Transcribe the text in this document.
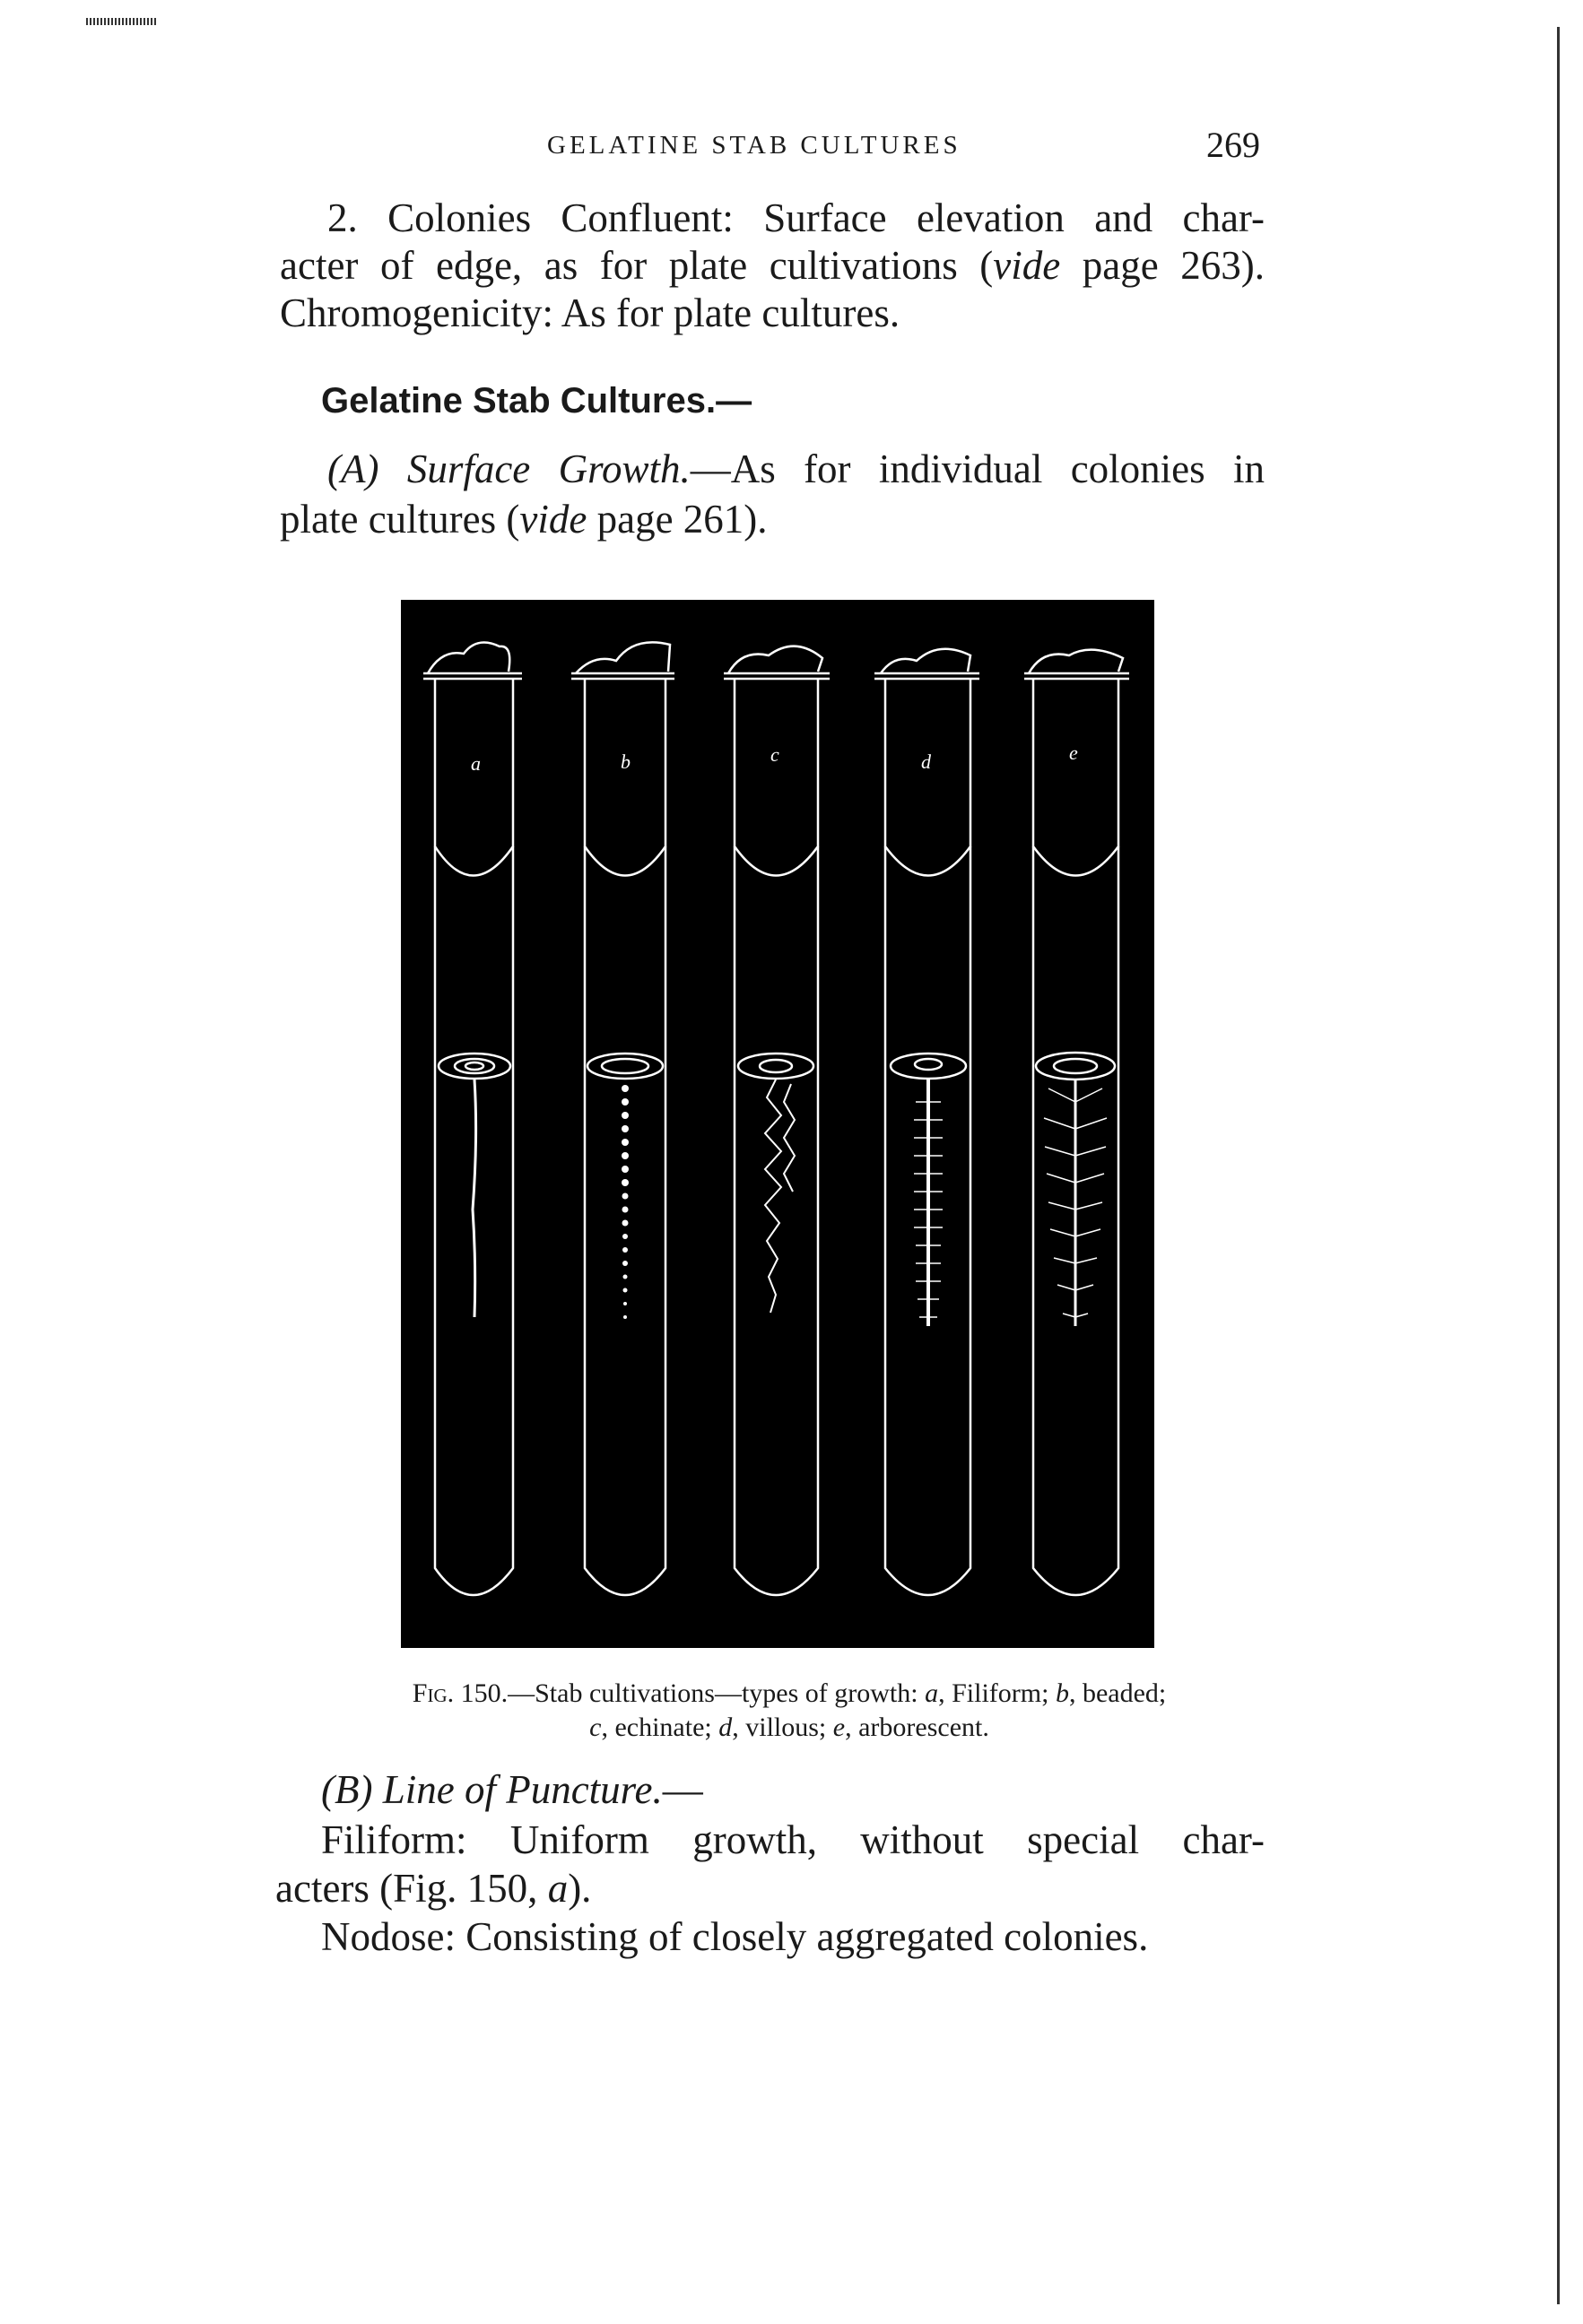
GELATINE STAB CULTURES	269

2. Colonies Confluent: Surface elevation and char-

acter of edge, as for plate cultivations (vide page 263).

Chromogenicity: As for plate cultures.

Gelatine Stab Cultures.—

(A) Surface Growth.—As for individual colonies in

plate cultures (vide page 261).

a	b	c	d	e
Fig. 150.—Stab cultivations—types of growth: a, Filiform; b, beaded;
c, echinate; d, villous; e, arborescent.

(B) Line of Puncture.—

Filiform: Uniform growth, without special char-

acters (Fig. 150, a).

Nodose: Consisting of closely aggregated colonies.
